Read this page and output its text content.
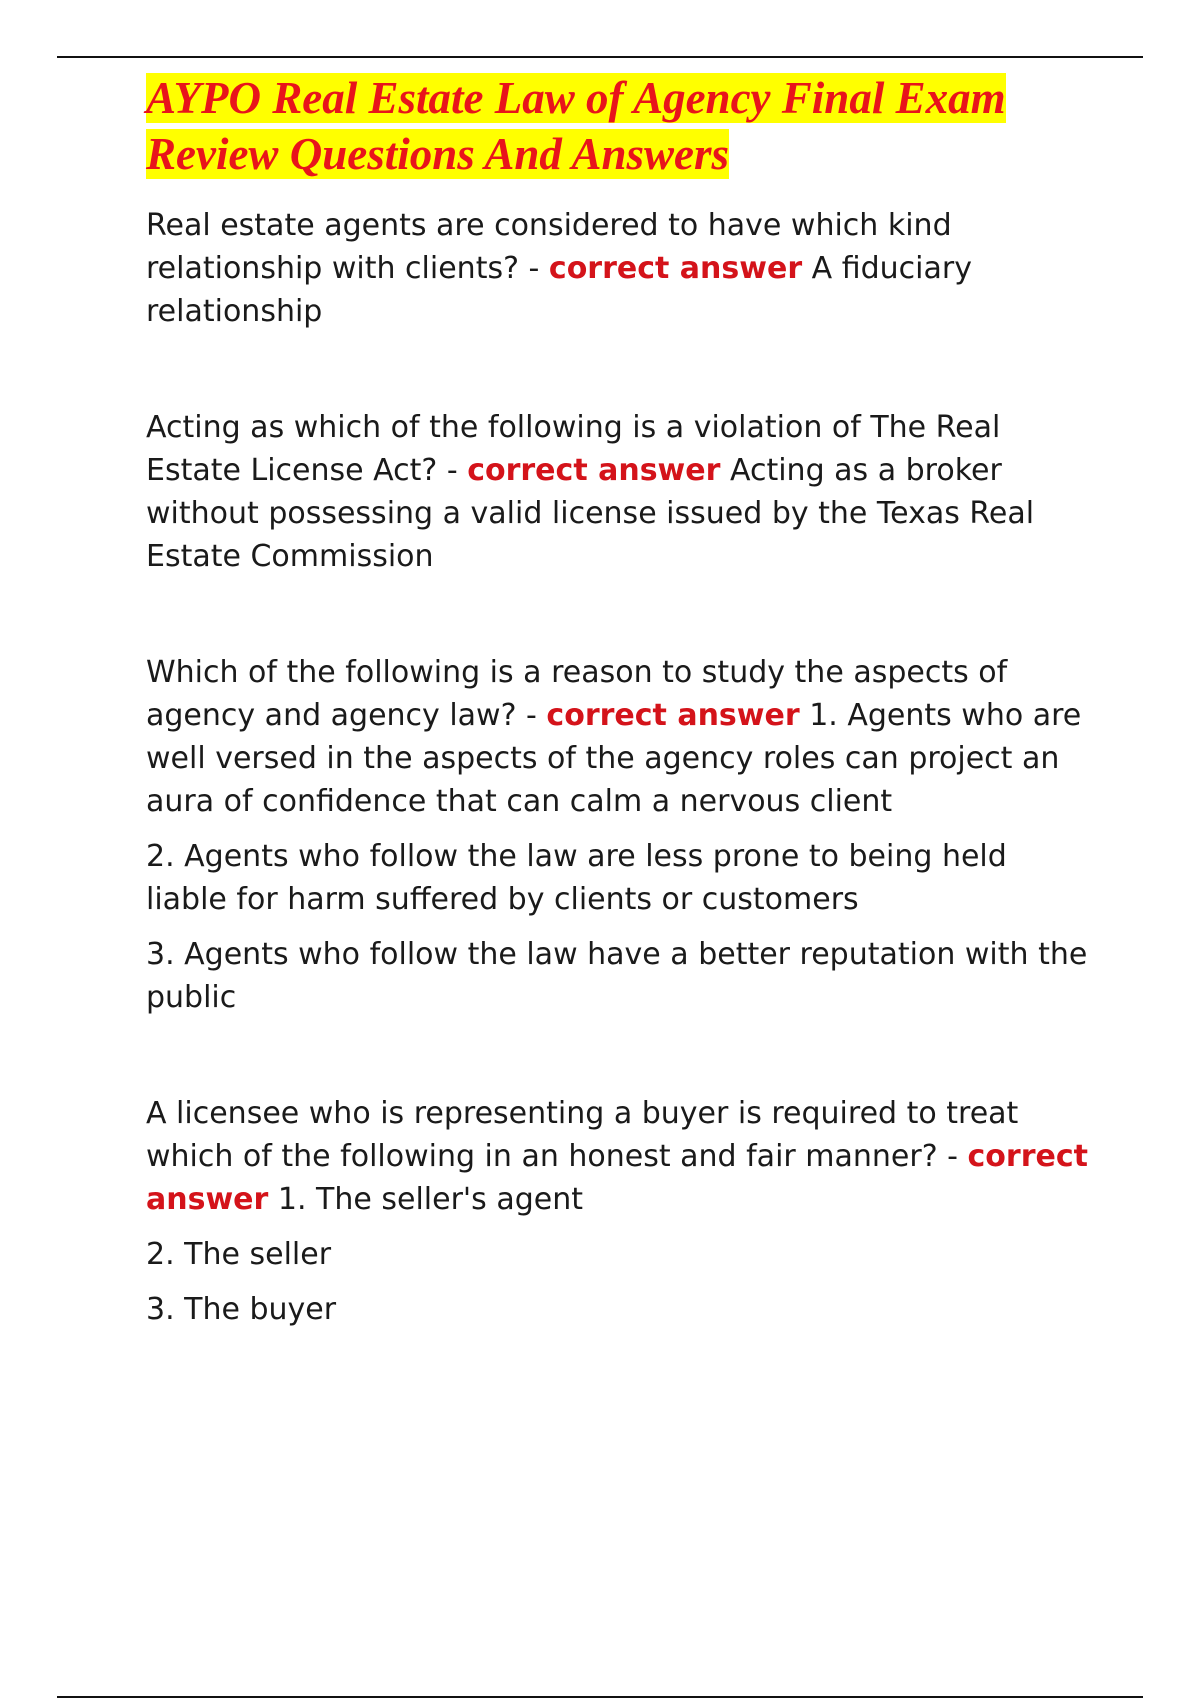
AYPO Real Estate Law of Agency Final Exam Review Questions And Answers

Real estate agents are considered to have which kind relationship with clients? - correct answer A fiduciary relationship

Acting as which of the following is a violation of The Real Estate License Act? - correct answer Acting as a broker without possessing a valid license issued by the Texas Real Estate Commission

Which of the following is a reason to study the aspects of agency and agency law? - correct answer 1. Agents who are well versed in the aspects of the agency roles can project an aura of confidence that can calm a nervous client

2. Agents who follow the law are less prone to being held liable for harm suffered by clients or customers

3. Agents who follow the law have a better reputation with the public

A licensee who is representing a buyer is required to treat which of the following in an honest and fair manner? - correct answer 1. The seller's agent

2. The seller

3. The buyer
